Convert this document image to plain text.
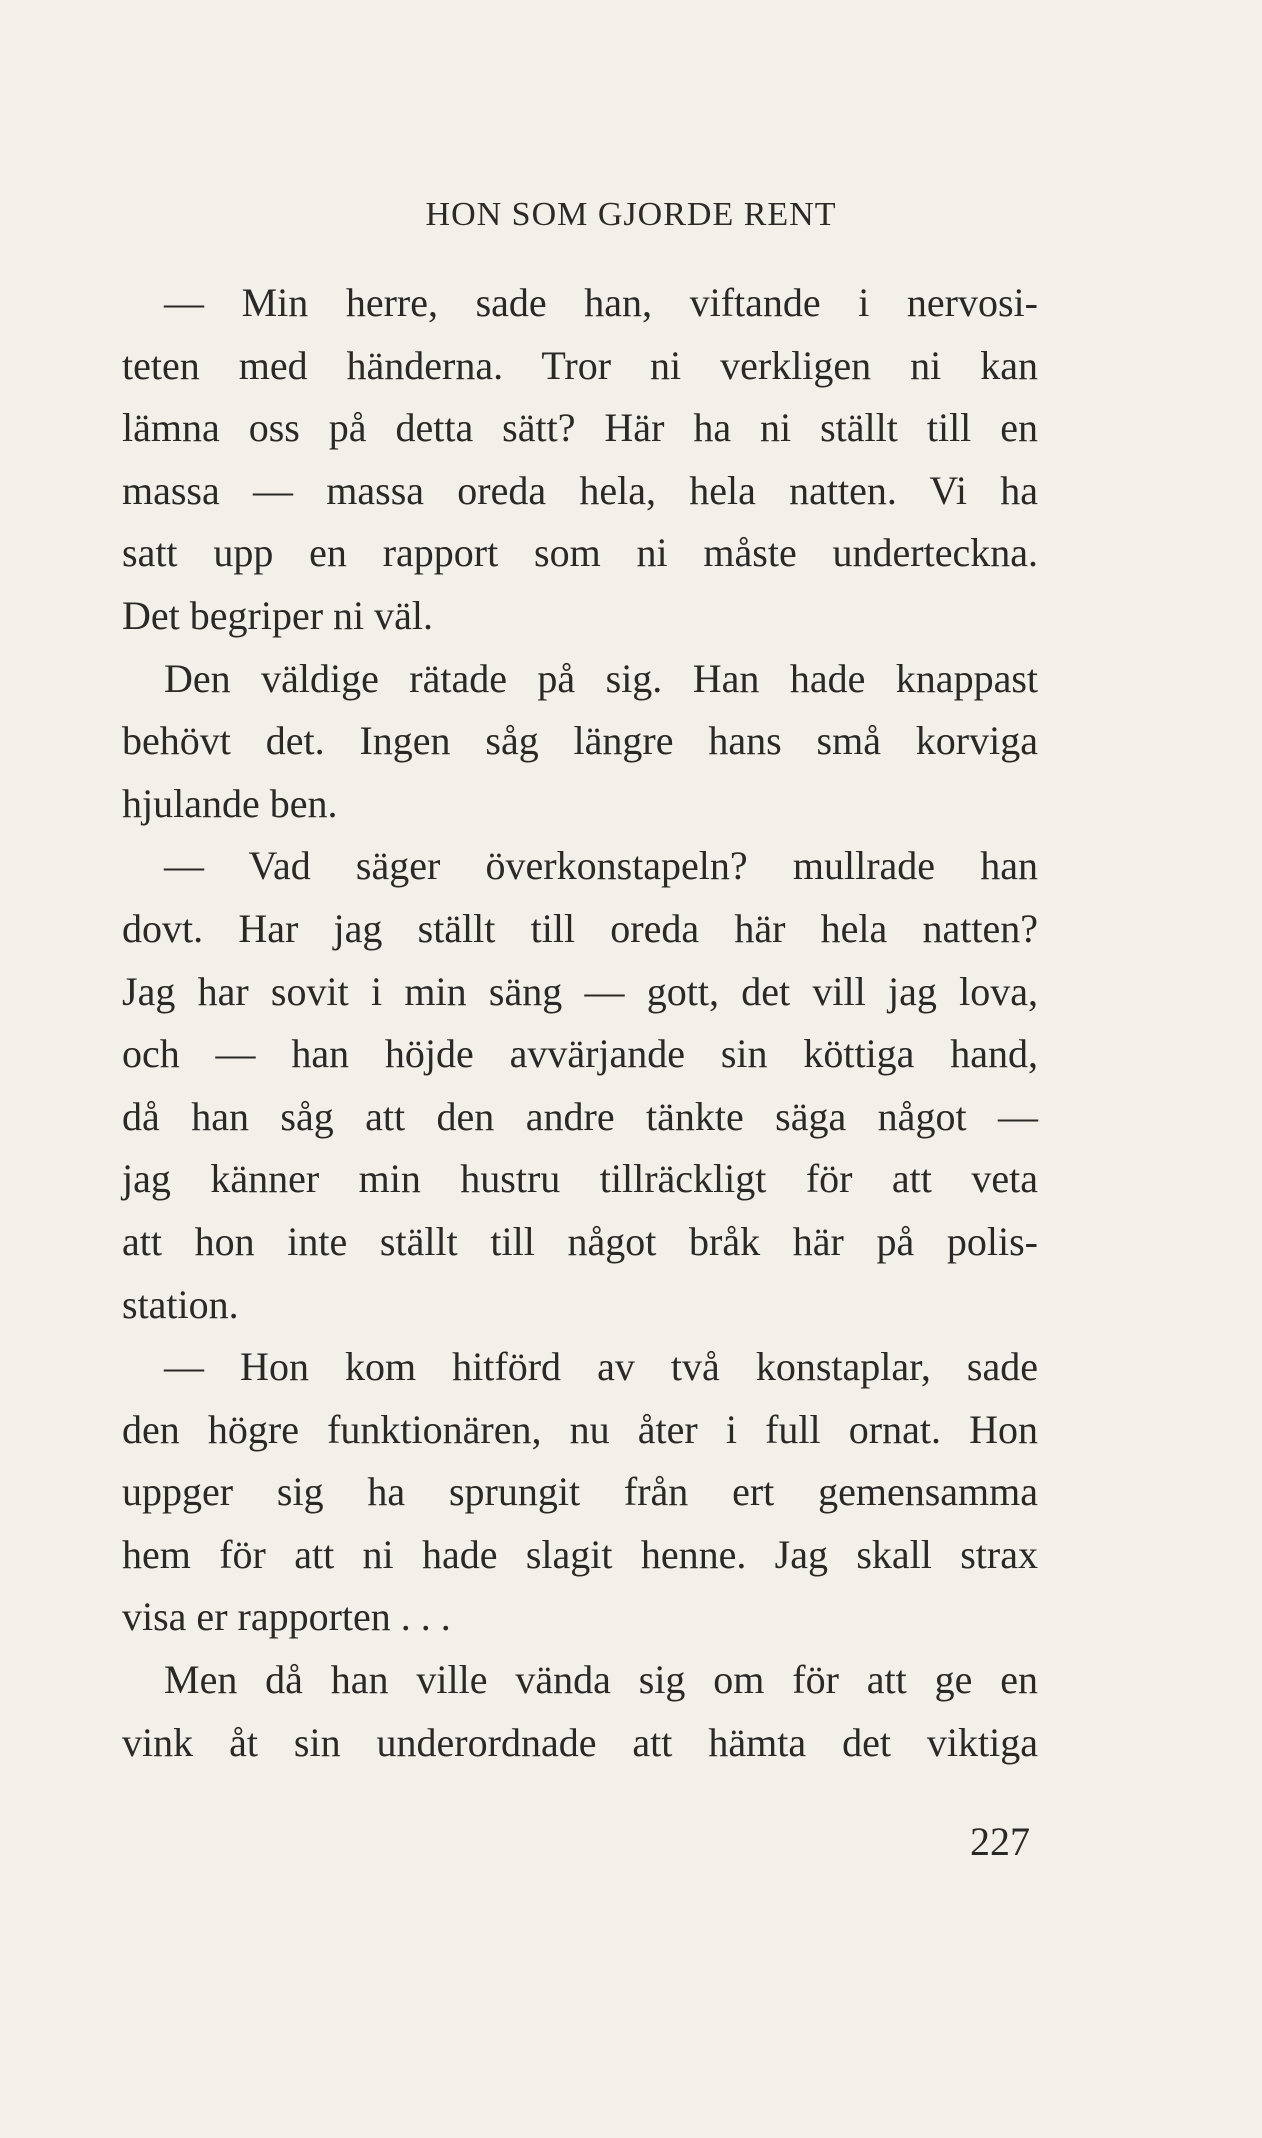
HON SOM GJORDE RENT
— Min herre, sade han, viftande i nervosi-
teten med händerna. Tror ni verkligen ni kan
lämna oss på detta sätt? Här ha ni ställt till en
massa — massa oreda hela, hela natten. Vi ha
satt upp en rapport som ni måste underteckna.
Det begriper ni väl.
Den väldige rätade på sig. Han hade knappast
behövt det. Ingen såg längre hans små korviga
hjulande ben.
— Vad säger överkonstapeln? mullrade han
dovt. Har jag ställt till oreda här hela natten?
Jag har sovit i min säng — gott, det vill jag lova,
och — han höjde avvärjande sin köttiga hand,
då han såg att den andre tänkte säga något —
jag känner min hustru tillräckligt för att veta
att hon inte ställt till något bråk här på polis-
station.
— Hon kom hitförd av två konstaplar, sade
den högre funktionären, nu åter i full ornat. Hon
uppger sig ha sprungit från ert gemensamma
hem för att ni hade slagit henne. Jag skall strax
visa er rapporten . . .
Men då han ville vända sig om för att ge en
vink åt sin underordnade att hämta det viktiga
227
